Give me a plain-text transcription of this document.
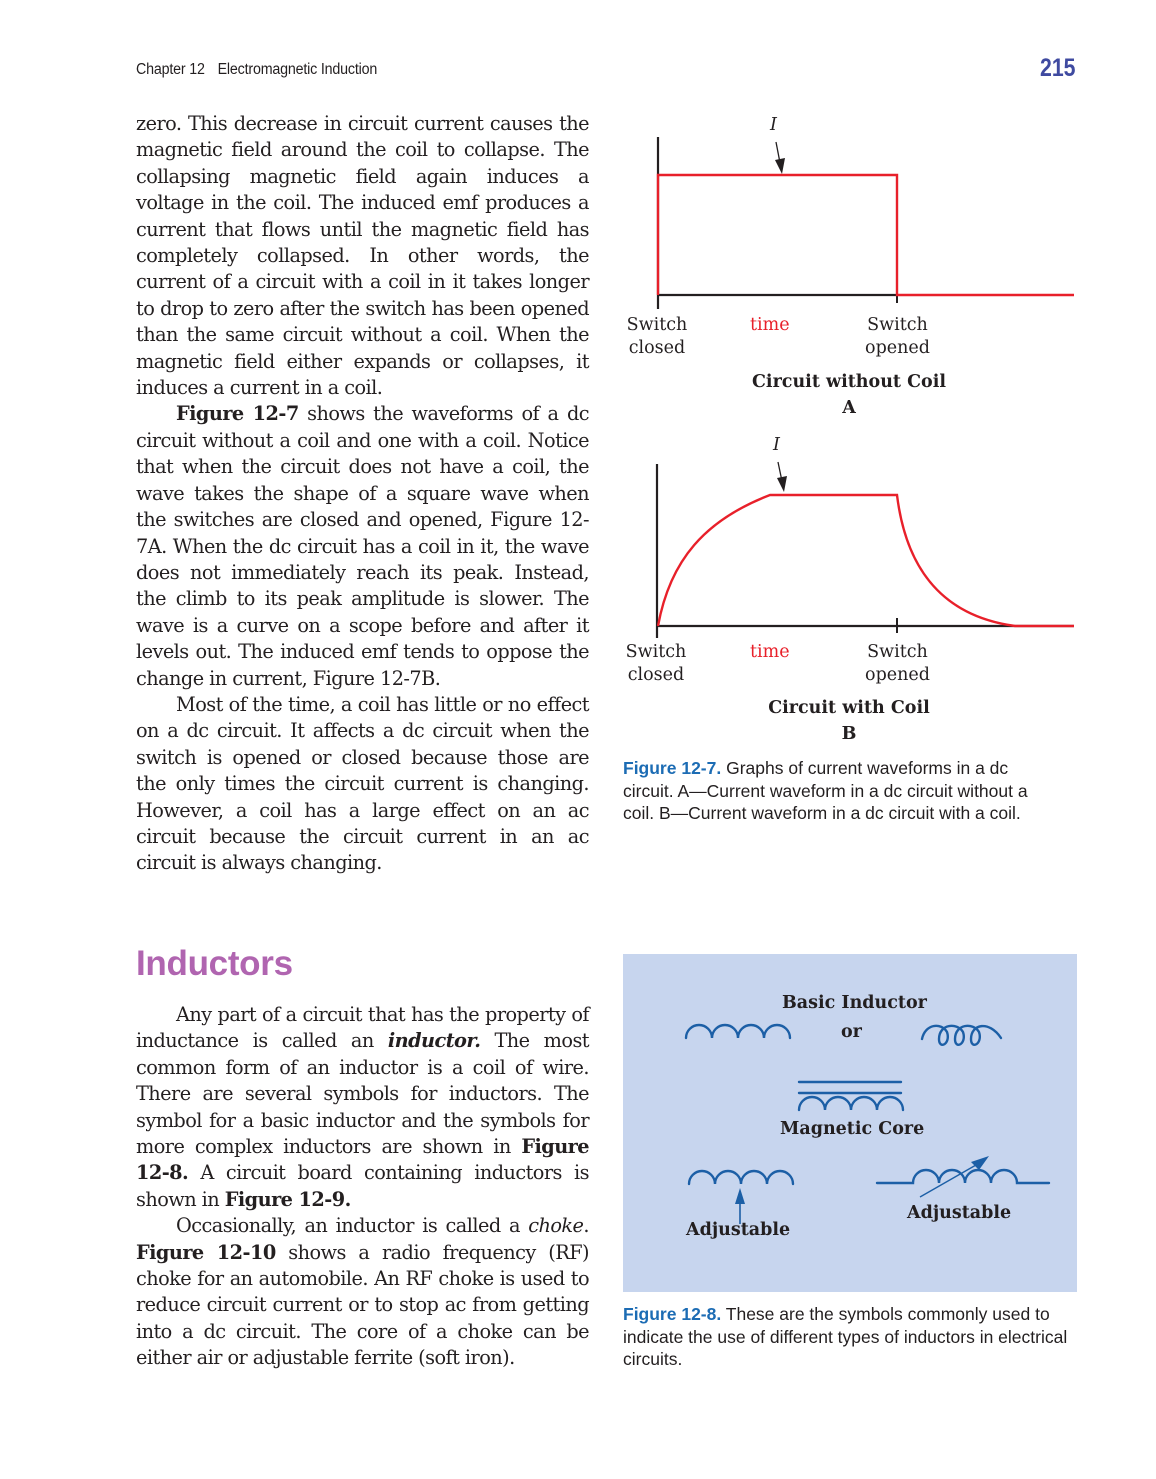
Chapter 12 Electromagnetic Induction	215

zero. This decrease in circuit current causes the magnetic field around the coil to collapse. The collapsing magnetic field again induces a voltage in the coil. The induced emf produces a current that flows until the magnetic field has completely collapsed. In other words, the current of a circuit with a coil in it takes longer to drop to zero after the switch has been opened than the same circuit without a coil. When the magnetic field either expands or collapses, it induces a current in a coil.

Figure 12-7 shows the waveforms of a dc circuit without a coil and one with a coil. Notice that when the circuit does not have a coil, the wave takes the shape of a square wave when the switches are closed and opened, Figure 12-7A. When the dc circuit has a coil in it, the wave does not immediately reach its peak. Instead, the climb to its peak amplitude is slower. The wave is a curve on a scope before and after it levels out. The induced emf tends to oppose the change in current, Figure 12-7B.

Most of the time, a coil has little or no effect on a dc circuit. It affects a dc circuit when the switch is opened or closed because those are the only times the circuit current is changing. However, a coil has a large effect on an ac circuit because the circuit current in an ac circuit is always changing.

Inductors

Any part of a circuit that has the property of inductance is called an inductor. The most common form of an inductor is a coil of wire. There are several symbols for inductors. The symbol for a basic inductor and the symbols for more complex inductors are shown in Figure 12-8. A circuit board containing inductors is shown in Figure 12-9.

Occasionally, an inductor is called a choke. Figure 12-10 shows a radio frequency (RF) choke for an automobile. An RF choke is used to reduce circuit current or to stop ac from getting into a dc circuit. The core of a choke can be either air or adjustable ferrite (soft iron).

I
Switch
closed
time	Switch
opened
Circuit without Coil
A
I
Switch
closed
time	Switch
opened
Circuit with Coil
B
Figure 12-7. Graphs of current waveforms in a dc circuit. A—Current waveform in a dc circuit without a coil. B—Current waveform in a dc circuit with a coil.
Basic Inductor
or
Magnetic Core
Adjustable
Adjustable
Figure 12-8. These are the symbols commonly used to indicate the use of different types of inductors in electrical circuits.
